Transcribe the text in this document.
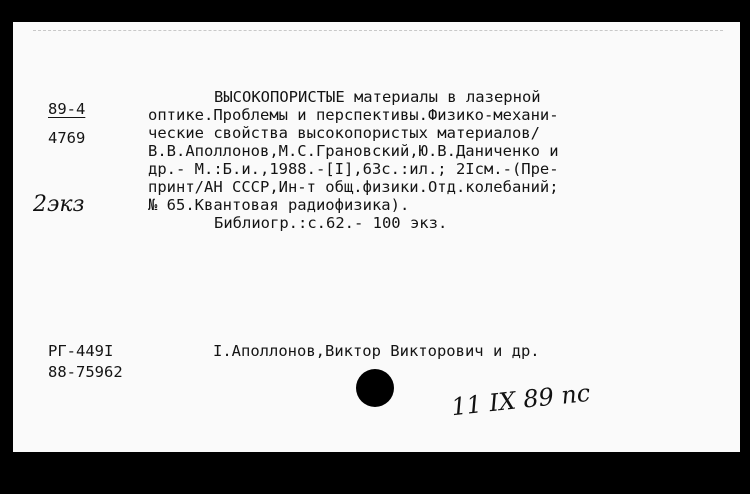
89-4
4769
2экз
ВЫСОКОПОРИСТЫЕ материалы в лазерной
оптике.Проблемы и перспективы.Физико-механи-
ческие свойства высокопористых материалов/
В.В.Аполлонов,М.С.Грановский,Ю.В.Даниченко и
др.- М.:Б.и.,1988.-[I],63с.:ил.; 2Iсм.-(Пре-
принт/АН СССР,Ин-т общ.физики.Отд.колебаний;
№ 65.Квантовая радиофизика).
Библиогр.:с.62.- 100 экз.
РГ-449I
88-75962
I.Аполлонов,Виктор Викторович и др.
11 IX 89 пс
